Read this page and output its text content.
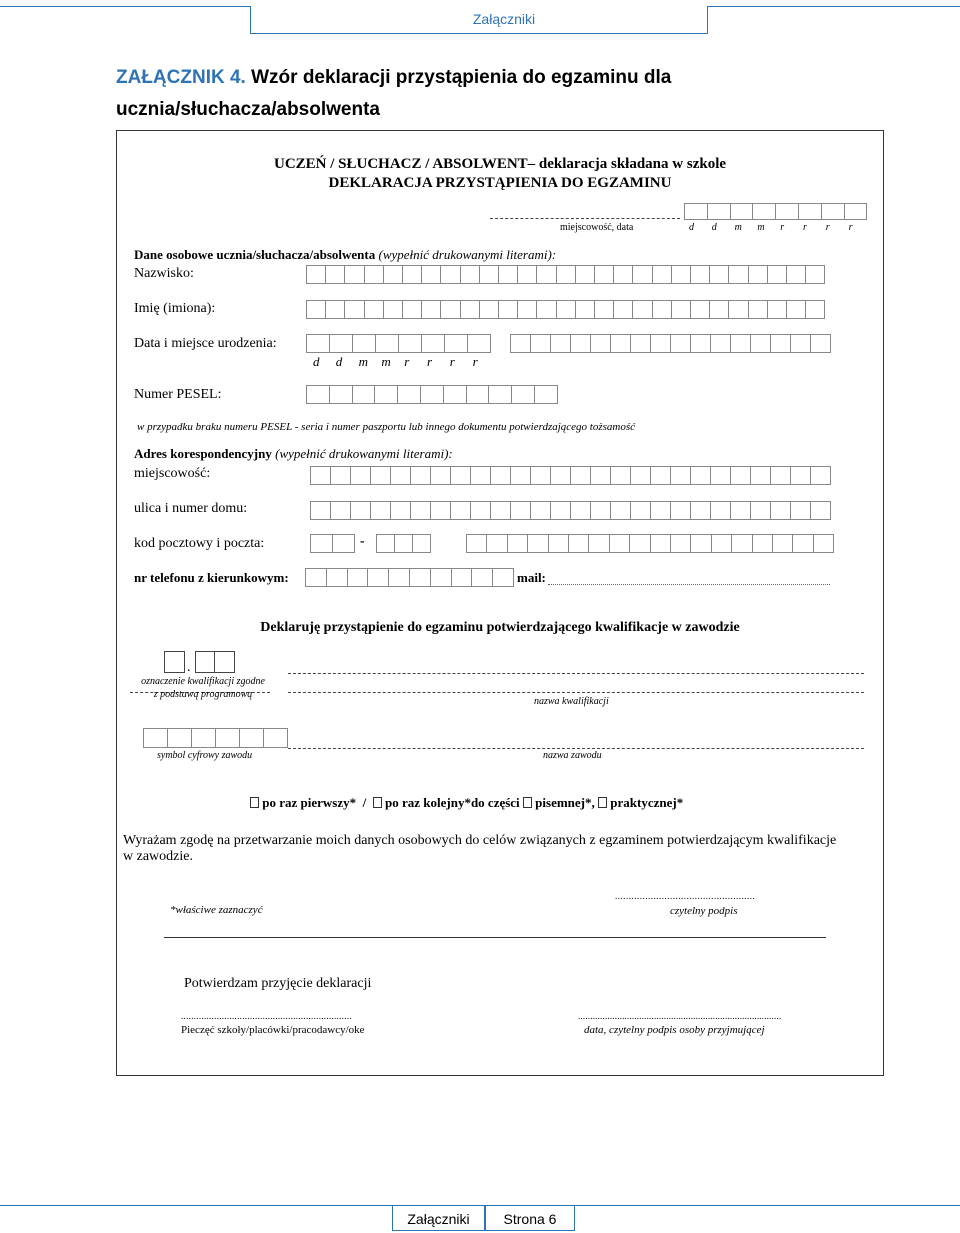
Załączniki
ZAŁĄCZNIK 4. Wzór deklaracji przystąpienia do egzaminu dla
ucznia/słuchacza/absolwenta
UCZEŃ / SŁUCHACZ / ABSOLWENT– deklaracja składana w szkole
DEKLARACJA PRZYSTĄPIENIA DO EGZAMINU
miejscowość, data	d d m m r r r r
Dane osobowe ucznia/słuchacza/absolwenta (wypełnić drukowanymi literami):
Nazwisko:
Imię (imiona):
Data i miejsce urodzenia:
d d m m r r r r
Numer PESEL:
w przypadku braku numeru PESEL - seria i numer paszportu lub innego dokumentu potwierdzającego tożsamość
Adres korespondencyjny (wypełnić drukowanymi literami):
miejscowość:
ulica i numer domu:
kod pocztowy i poczta:	-
nr telefonu z kierunkowym:	mail:
Deklaruję przystąpienie do egzaminu potwierdzającego kwalifikacje w zawodzie
.
oznaczenie kwalifikacji zgodne
z podstawą programową
nazwa kwalifikacji
symbol cyfrowy zawodu	nazwa zawodu
po raz pierwszy* / po raz kolejny*do części pisemnej*, praktycznej*
Wyrażam zgodę na przetwarzanie moich danych osobowych do celów związanych z egzaminem potwierdzającym kwalifikacje
w zawodzie.
*właściwe zaznaczyć
...................................................
czytelny podpis
Potwierdzam przyjęcie deklaracji
...................................................................
Pieczęć szkoły/placówki/pracodawcy/oke
...................................................................................
data, czytelny podpis osoby przyjmującej
Załączniki	Strona 6
